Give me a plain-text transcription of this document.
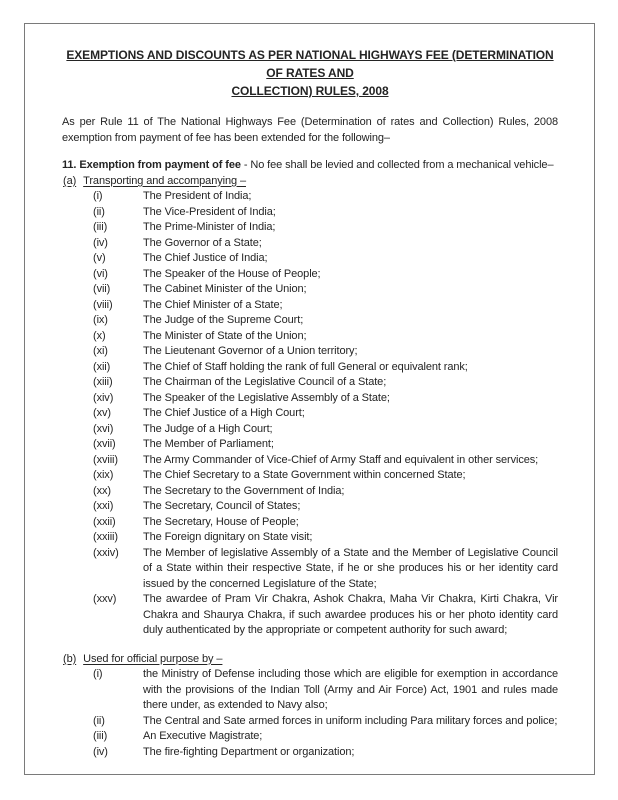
EXEMPTIONS AND DISCOUNTS AS PER NATIONAL HIGHWAYS FEE (DETERMINATION OF RATES AND
COLLECTION) RULES, 2008

As per Rule 11 of The National Highways Fee (Determination of rates and Collection) Rules, 2008 exemption from payment of fee has been extended for the following–

11. Exemption from payment of fee - No fee shall be levied and collected from a mechanical vehicle–

(a) Transporting and accompanying –
(i)	The President of India;
(ii)	The Vice-President of India;
(iii)	The Prime-Minister of India;
(iv)	The Governor of a State;
(v)	The Chief Justice of India;
(vi)	The Speaker of the House of People;
(vii)	The Cabinet Minister of the Union;
(viii)	The Chief Minister of a State;
(ix)	The Judge of the Supreme Court;
(x)	The Minister of State of the Union;
(xi)	The Lieutenant Governor of a Union territory;
(xii)	The Chief of Staff holding the rank of full General or equivalent rank;
(xiii)	The Chairman of the Legislative Council of a State;
(xiv)	The Speaker of the Legislative Assembly of a State;
(xv)	The Chief Justice of a High Court;
(xvi)	The Judge of a High Court;
(xvii)	The Member of Parliament;
(xviii)	The Army Commander of Vice-Chief of Army Staff and equivalent in other services;
(xix)	The Chief Secretary to a State Government within concerned State;
(xx)	The Secretary to the Government of India;
(xxi)	The Secretary, Council of States;
(xxii)	The Secretary, House of People;
(xxiii)	The Foreign dignitary on State visit;
(xxiv)	The Member of legislative Assembly of a State and the Member of Legislative Council of a State within their respective State, if he or she produces his or her identity card issued by the concerned Legislature of the State;
(xxv)	The awardee of Pram Vir Chakra, Ashok Chakra, Maha Vir Chakra, Kirti Chakra, Vir Chakra and Shaurya Chakra, if such awardee produces his or her photo identity card duly authenticated by the appropriate or competent authority for such award;
(b) Used for official purpose by –
(i)	the Ministry of Defense including those which are eligible for exemption in accordance with the provisions of the Indian Toll (Army and Air Force) Act, 1901 and rules made there under, as extended to Navy also;
(ii)	The Central and Sate armed forces in uniform including Para military forces and police;
(iii)	An Executive Magistrate;
(iv)	The fire-fighting Department or organization;
